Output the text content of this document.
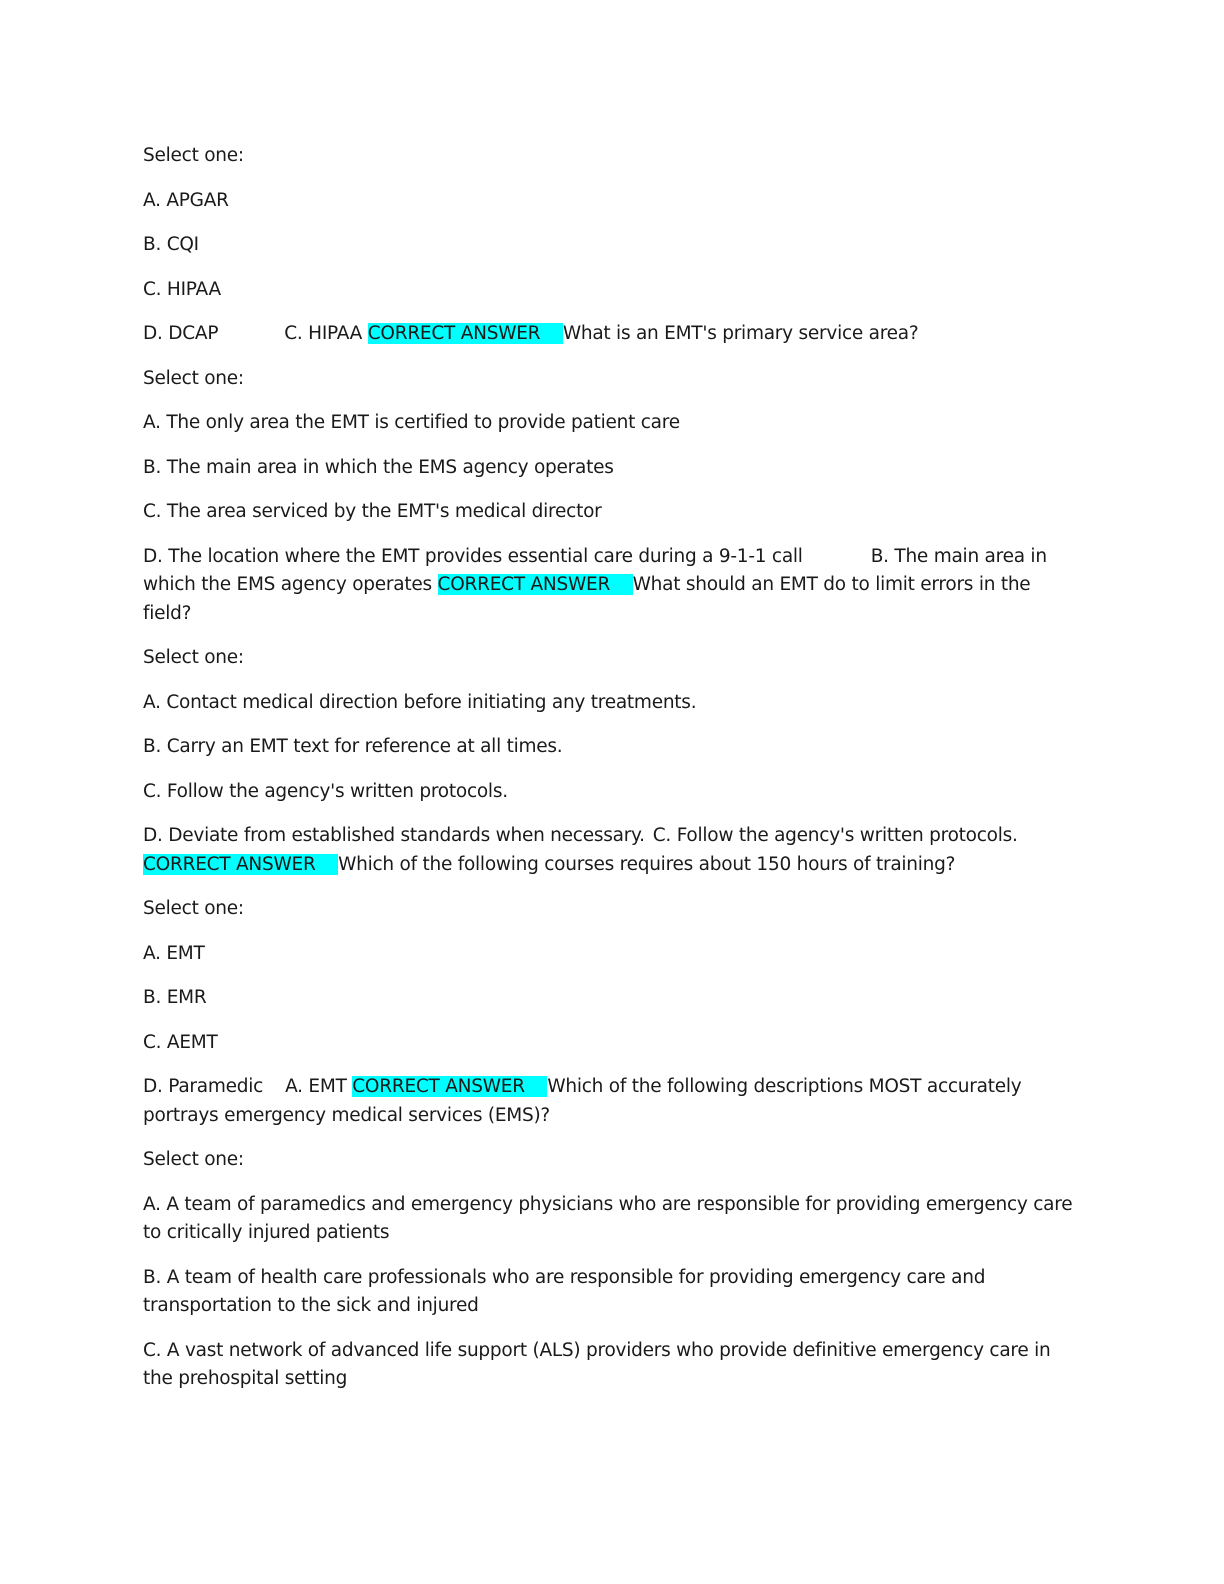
Select one:

A. APGAR

B. CQI

C. HIPAA

D. DCAP	C. HIPAA CORRECT ANSWER    What is an EMT's primary service area?

Select one:

A. The only area the EMT is certified to provide patient care

B. The main area in which the EMS agency operates

C. The area serviced by the EMT's medical director

D. The location where the EMT provides essential care during a 9-1-1 call	B. The main area in
which the EMS agency operates CORRECT ANSWER    What should an EMT do to limit errors in the field?

Select one:

A. Contact medical direction before initiating any treatments.

B. Carry an EMT text for reference at all times.

C. Follow the agency's written protocols.

D. Deviate from established standards when necessary. C. Follow the agency's written protocols.
CORRECT ANSWER    Which of the following courses requires about 150 hours of training?

Select one:

A. EMT

B. EMR

C. AEMT

D. Paramedic A. EMT CORRECT ANSWER    Which of the following descriptions MOST accurately portrays emergency medical services (EMS)?

Select one:

A. A team of paramedics and emergency physicians who are responsible for providing emergency care to critically injured patients

B. A team of health care professionals who are responsible for providing emergency care and transportation to the sick and injured

C. A vast network of advanced life support (ALS) providers who provide definitive emergency care in the prehospital setting
